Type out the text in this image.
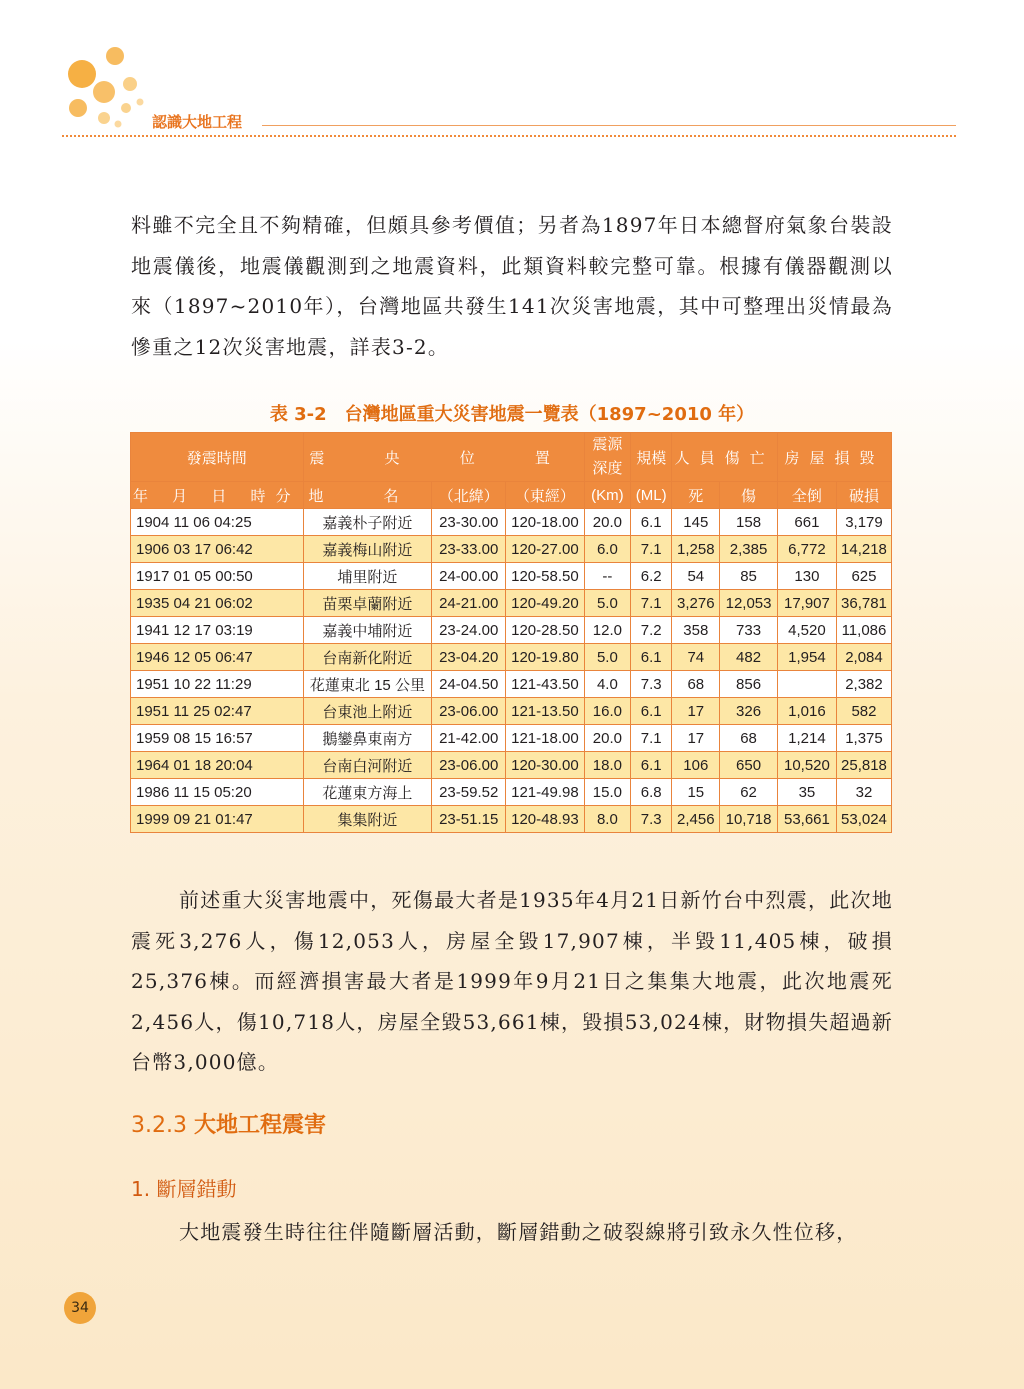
認識大地工程

料雖不完全且不夠精確，但頗具參考價值；另者為1897年日本總督府氣象台裝設地震儀後，地震儀觀測到之地震資料，此類資料較完整可靠。根據有儀器觀測以來（1897~2010年），台灣地區共發生141次災害地震，其中可整理出災情最為慘重之12次災害地震，詳表3-2。

表 3-2　台灣地區重大災害地震一覽表（1897~2010 年）
發震時間	震 央 位 置			震源深度	規模	人員傷亡		房屋損毀	
年 月 日 時分	地 名	（北緯）	（東經）	(Km)	(ML)	死	傷	全倒	破損
1904 11 06 04:25	嘉義朴子附近	23-30.00	120-18.00	20.0	6.1	145	158	661	3,179
1906 03 17 06:42	嘉義梅山附近	23-33.00	120-27.00	6.0	7.1	1,258	2,385	6,772	14,218
1917 01 05 00:50	埔里附近	24-00.00	120-58.50	--	6.2	54	85	130	625
1935 04 21 06:02	苗栗卓蘭附近	24-21.00	120-49.20	5.0	7.1	3,276	12,053	17,907	36,781
1941 12 17 03:19	嘉義中埔附近	23-24.00	120-28.50	12.0	7.2	358	733	4,520	11,086
1946 12 05 06:47	台南新化附近	23-04.20	120-19.80	5.0	6.1	74	482	1,954	2,084
1951 10 22 11:29	花蓮東北 15 公里	24-04.50	121-43.50	4.0	7.3	68	856		2,382
1951 11 25 02:47	台東池上附近	23-06.00	121-13.50	16.0	6.1	17	326	1,016	582
1959 08 15 16:57	鵝鑾鼻東南方	21-42.00	121-18.00	20.0	7.1	17	68	1,214	1,375
1964 01 18 20:04	台南白河附近	23-06.00	120-30.00	18.0	6.1	106	650	10,520	25,818
1986 11 15 05:20	花蓮東方海上	23-59.52	121-49.98	15.0	6.8	15	62	35	32
1999 09 21 01:47	集集附近	23-51.15	120-48.93	8.0	7.3	2,456	10,718	53,661	53,024

前述重大災害地震中，死傷最大者是1935年4月21日新竹台中烈震，此次地震死3,276人，傷12,053人，房屋全毀17,907棟，半毀11,405棟，破損25,376棟。而經濟損害最大者是1999年9月21日之集集大地震，此次地震死2,456人，傷10,718人，房屋全毀53,661棟，毀損53,024棟，財物損失超過新台幣3,000億。

3.2.3 大地工程震害
1. 斷層錯動

大地震發生時往往伴隨斷層活動，斷層錯動之破裂線將引致永久性位移，

34
